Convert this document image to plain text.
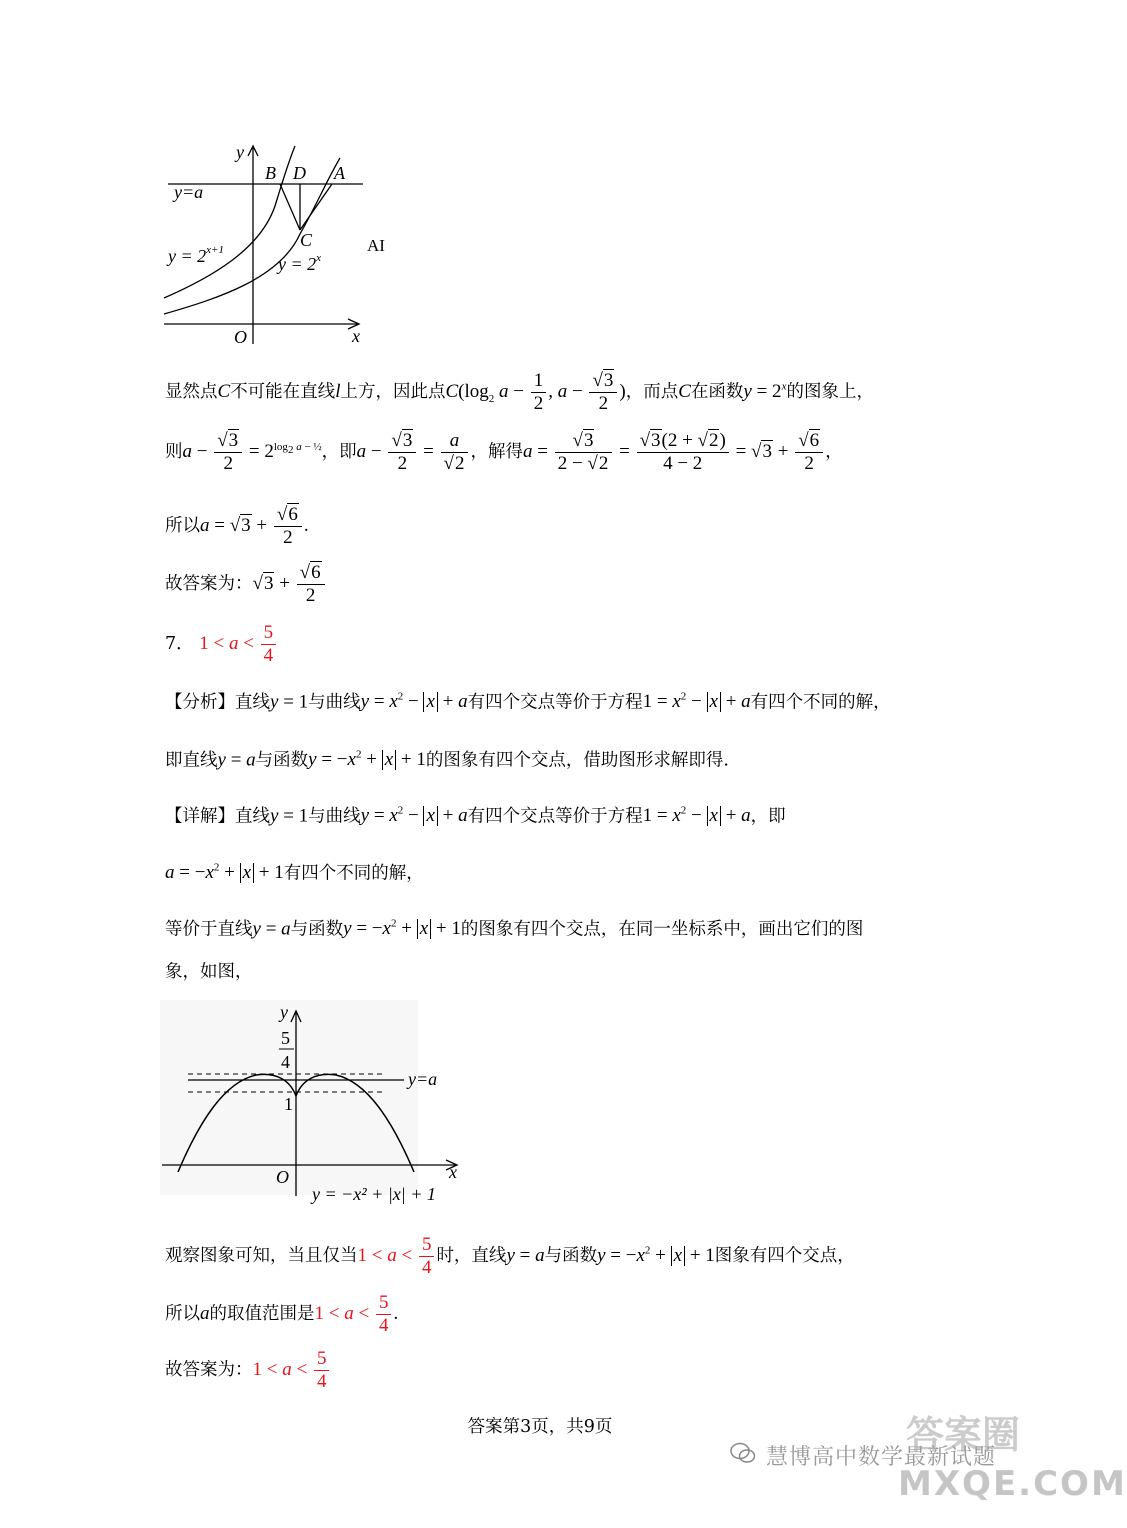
y
x
O
B D A
C
y=a
$y = 2^{x+1}$
$y = 2^x$
AI
显然点C不可能在直线l上方，因此点$C(\log_2$ $a - \frac{1}{2}$ , $a - \frac{√3}{2}$ )，而点C在函数$y = 2^x$的图象上，
则$a - \frac{√3}{2} = 2^{log_2 a - \frac{1}{2}}$，即$a - \frac{√3}{2} = \frac{a}{√2}$ ，解得$a = \frac{√3}{2 - √2} = \frac{√3(2 + √2)}{4 - 2} = √3 + \frac{√6}{2}$ ，
所以$a = √3 + \frac{√6}{2}$ .
故答案为：$√3 + \frac{√6}{2}$
7． $1 < a < \frac{5}{4}$
【分析】直线y = 1与曲线$y = x^2 - x + a$有四个交点等价于方程$1 = x^2 - x + a$有四个不同的解，
即直线y = a与函数$y = -x^2 + x + 1$的图象有四个交点，借助图形求解即得.
【详解】直线y = 1与曲线$y = x^2 - x + a$有四个交点等价于方程$1 = x^2 - x + a$，即
$a = -x^2 + x + 1$有四个不同的解，
等价于直线y = a与函数$y = -x^2 + x + 1$的图象有四个交点，在同一坐标系中，画出它们的图
象，如图，
y
x
O
5
4
1
y=a
y = −x² + |x| + 1
观察图象可知，当且仅当$1 < a < \frac{5}{4}$ 时，直线y = a与函数$y = -x^2 + x + 1$图象有四个交点，
所以a的取值范围是$1 < a < \frac{5}{4}$ .
故答案为：$1 < a < \frac{5}{4}$
答案第3页，共9页
慧博高中数学最新试题
答案圈
MXQE.COM
